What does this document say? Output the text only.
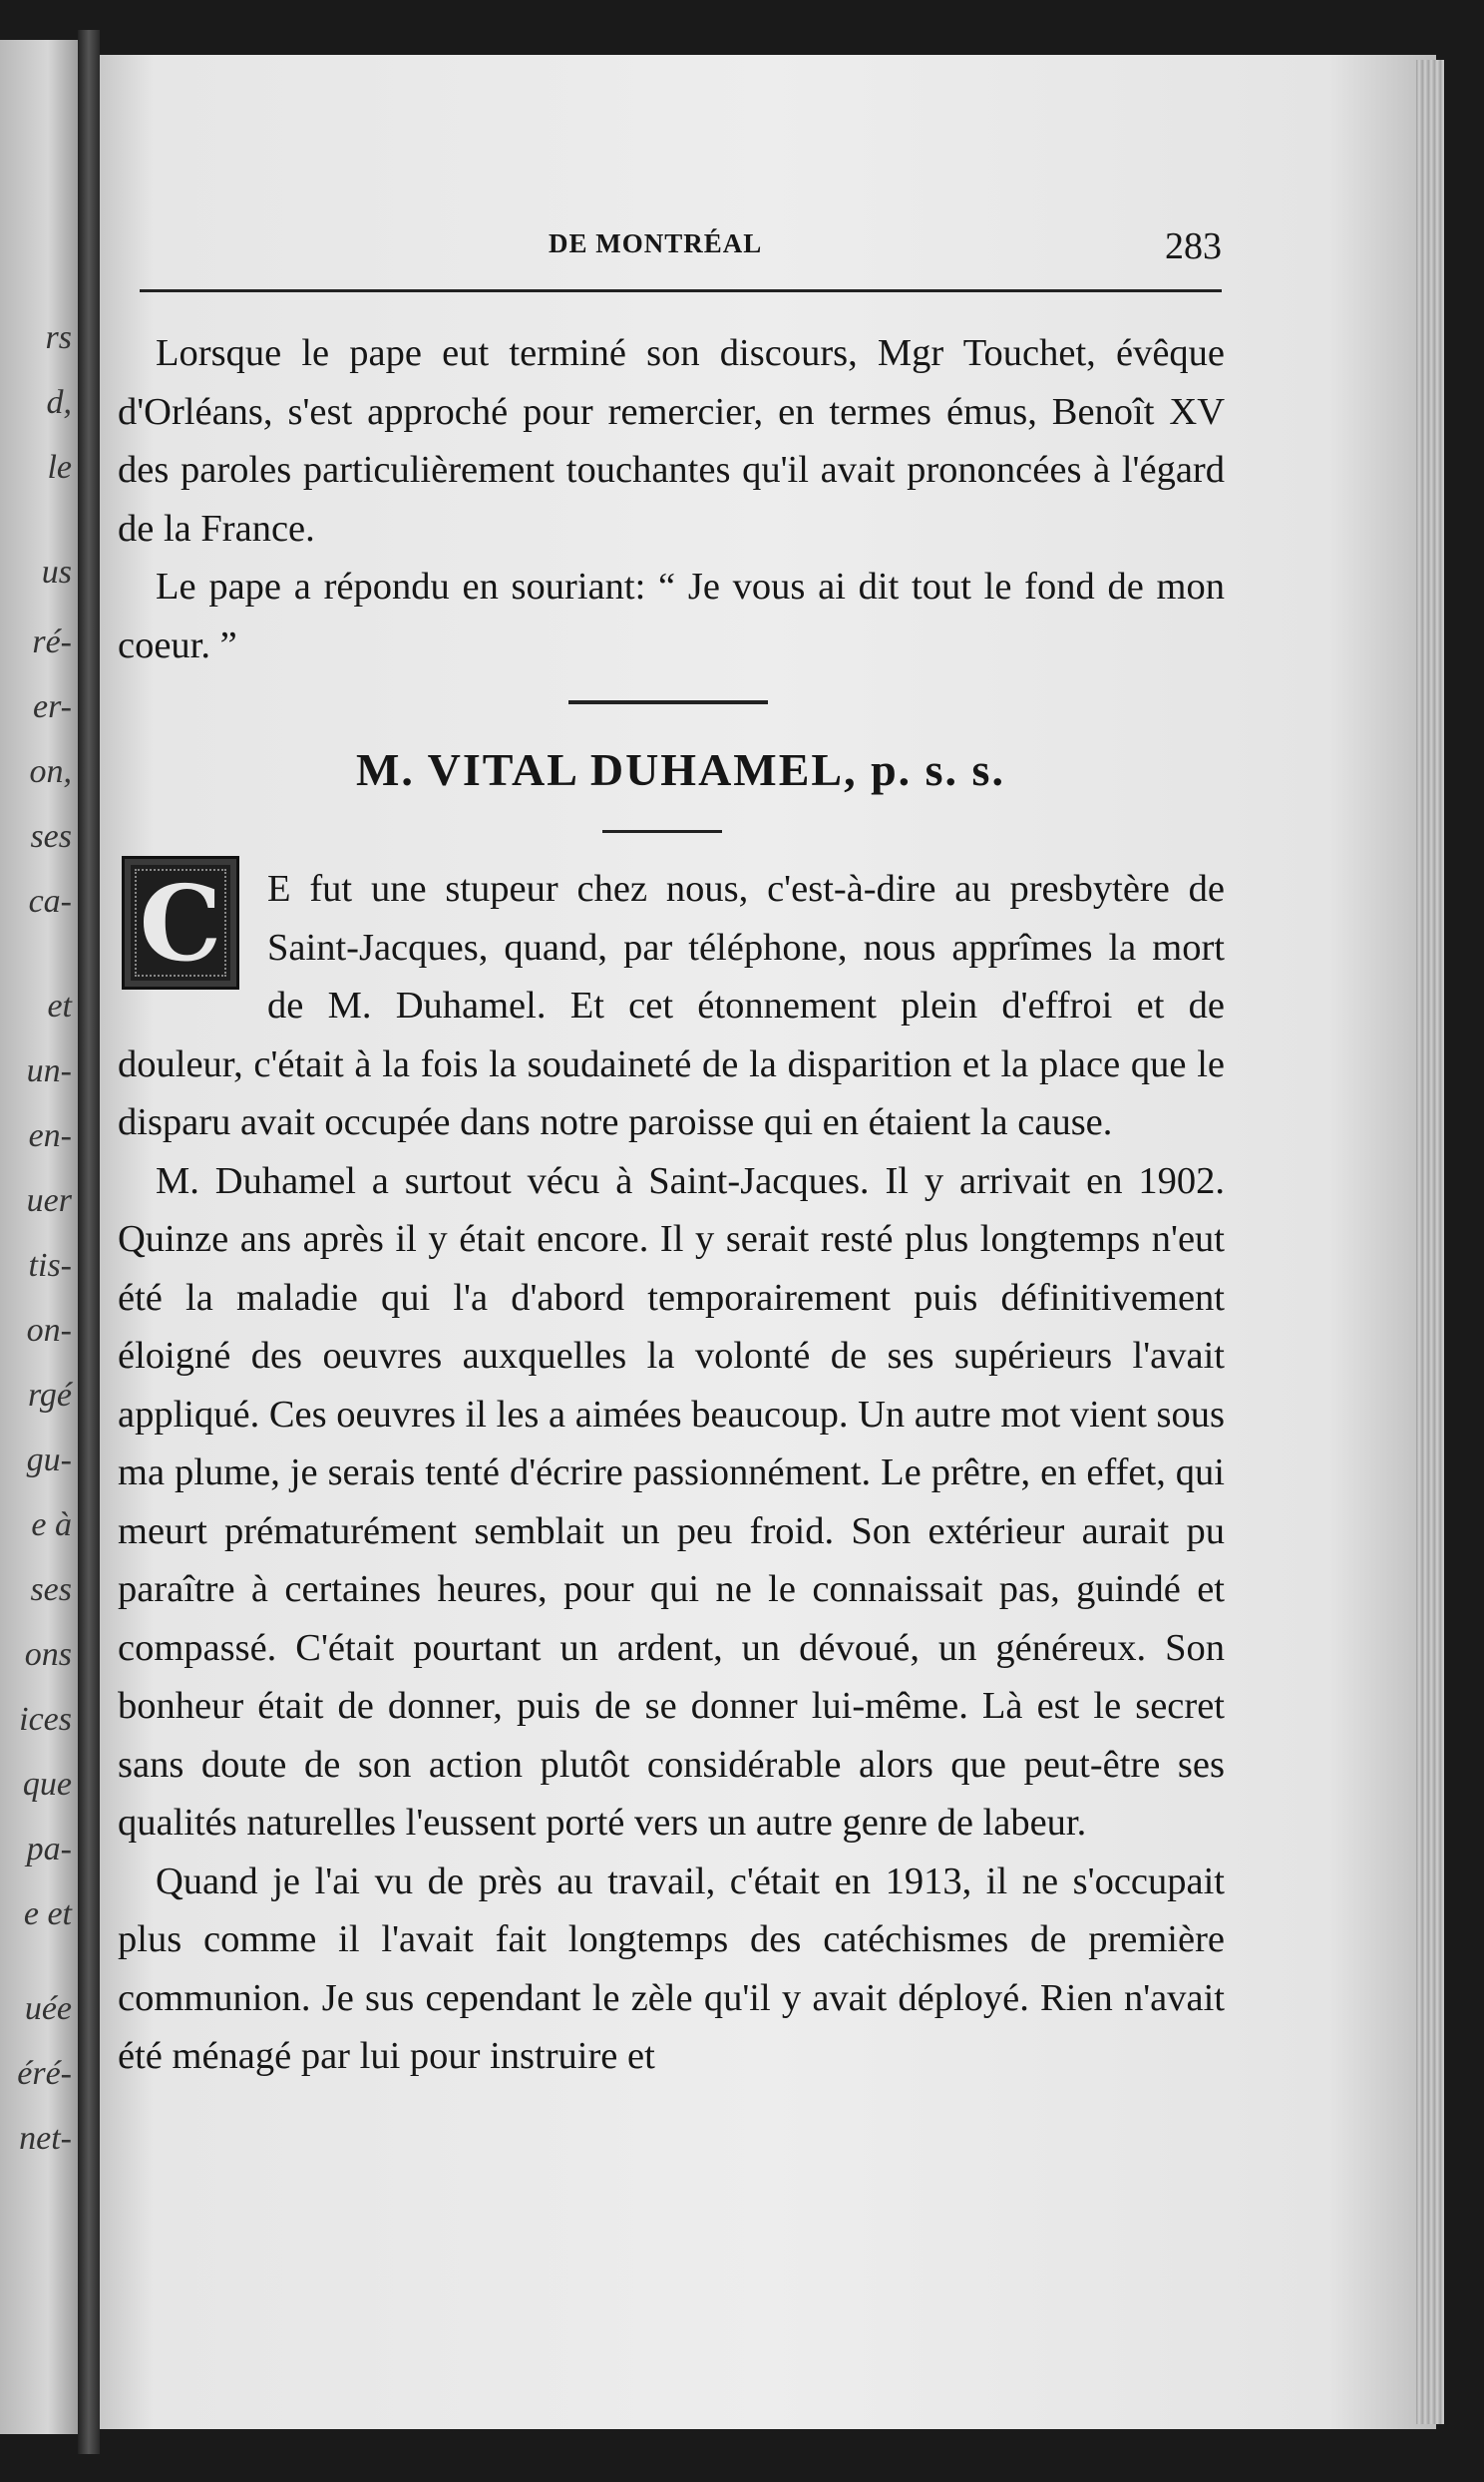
rs
d,
le
us
ré-
er-
on,
ses
ca-
et
un-
en-
uer
tis-
on-
rgé
gu-
e à
ses
ons
ices
que
pa-
e et
uée
éré-
net-
DE MONTRÉAL	283

Lorsque le pape eut terminé son discours, Mgr Touchet, évêque d'Orléans, s'est approché pour remercier, en termes émus, Benoît XV des paroles particulièrement touchantes qu'il avait prononcées à l'égard de la France.

Le pape a répondu en souriant: “ Je vous ai dit tout le fond de mon coeur. ”

M. VITAL DUHAMEL, p. s. s.
C	E fut une stupeur chez nous, c'est-à-dire au presbytère de Saint-Jacques, quand, par téléphone, nous apprîmes la mort de M. Duhamel. Et cet étonnement plein d'effroi et de douleur, c'était à la fois la soudaineté de la disparition et la place que le disparu avait occupée dans notre paroisse qui en étaient la cause.

M. Duhamel a surtout vécu à Saint-Jacques. Il y arrivait en 1902. Quinze ans après il y était encore. Il y serait resté plus longtemps n'eut été la maladie qui l'a d'abord temporairement puis définitivement éloigné des oeuvres auxquelles la volonté de ses supérieurs l'avait appliqué. Ces oeuvres il les a aimées beaucoup. Un autre mot vient sous ma plume, je serais tenté d'écrire passionnément. Le prêtre, en effet, qui meurt prématurément semblait un peu froid. Son extérieur aurait pu paraître à certaines heures, pour qui ne le connaissait pas, guindé et compassé. C'était pourtant un ardent, un dévoué, un généreux. Son bonheur était de donner, puis de se donner lui-même. Là est le secret sans doute de son action plutôt considérable alors que peut-être ses qualités naturelles l'eussent porté vers un autre genre de labeur.

Quand je l'ai vu de près au travail, c'était en 1913, il ne s'occupait plus comme il l'avait fait longtemps des catéchismes de première communion. Je sus cependant le zèle qu'il y avait déployé. Rien n'avait été ménagé par lui pour instruire et
